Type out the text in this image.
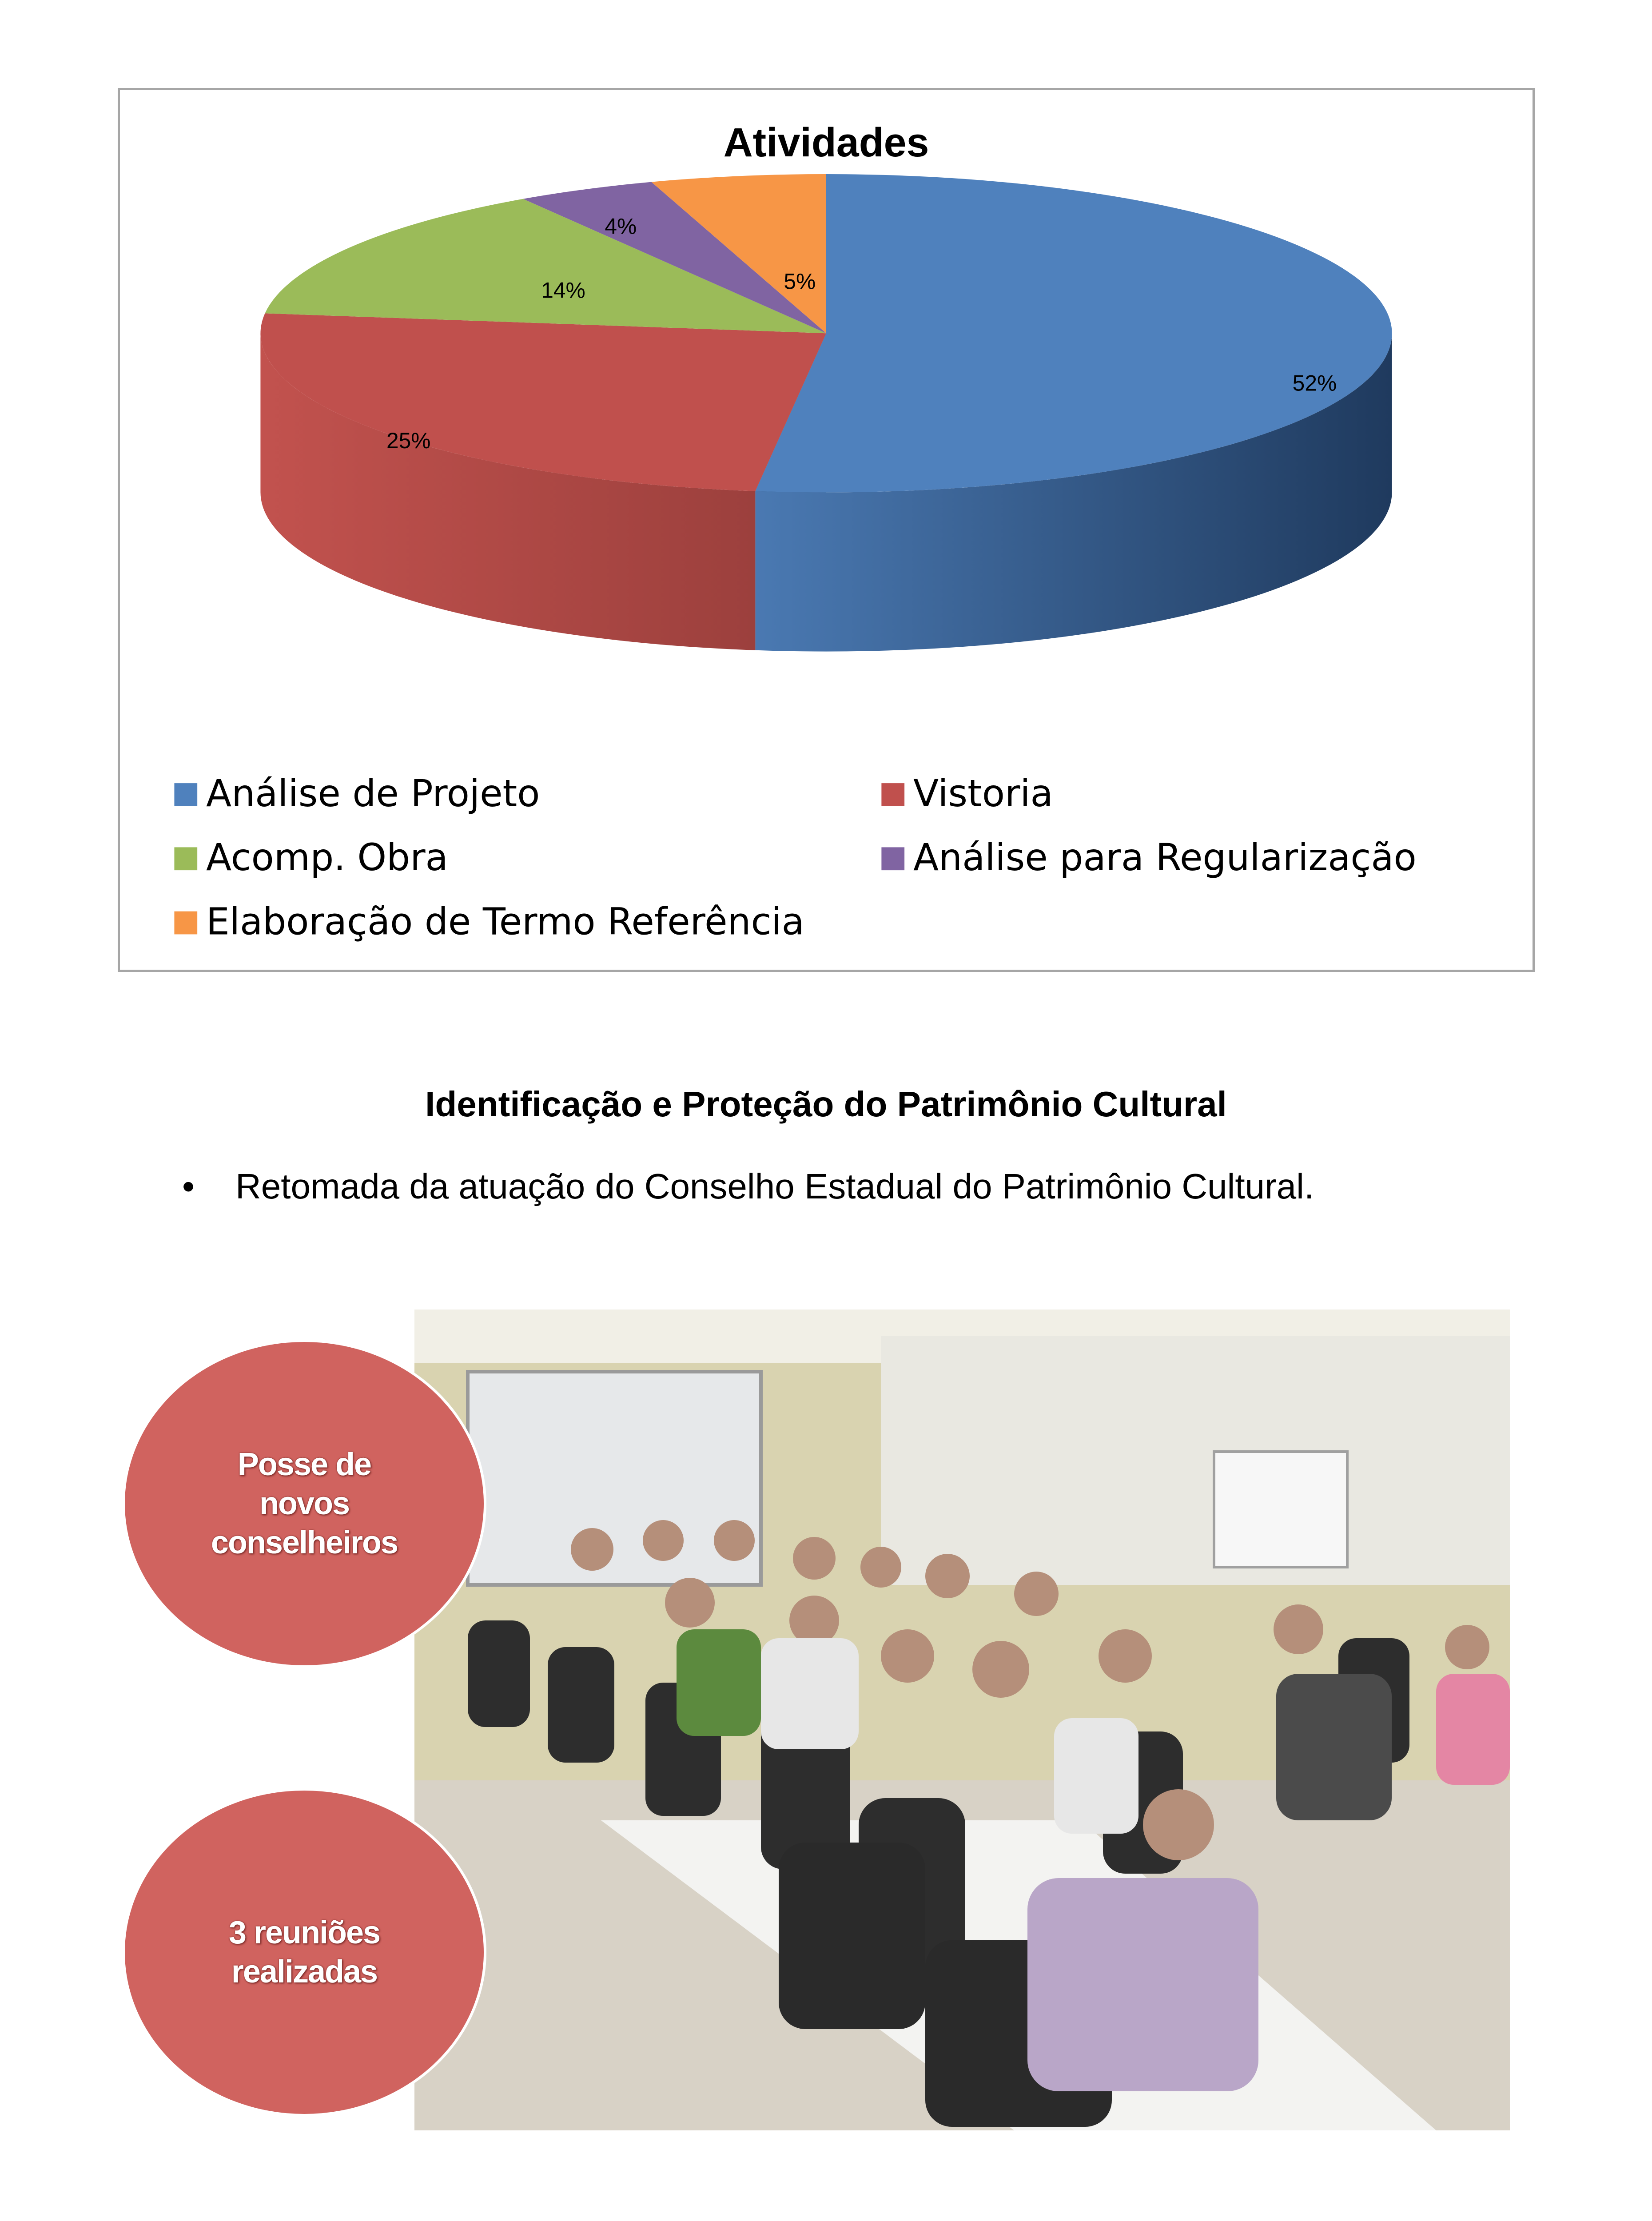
Atividades
52%
25%
14%
4%
5%
Análise de Projeto	Vistoria
Acomp. Obra	Análise para Regularização
Elaboração de Termo Referência
Identificação e Proteção do Patrimônio Cultural
•	Retomada da atuação do Conselho Estadual do Patrimônio Cultural.
Posse de
novos
conselheiros
3 reuniões
realizadas
